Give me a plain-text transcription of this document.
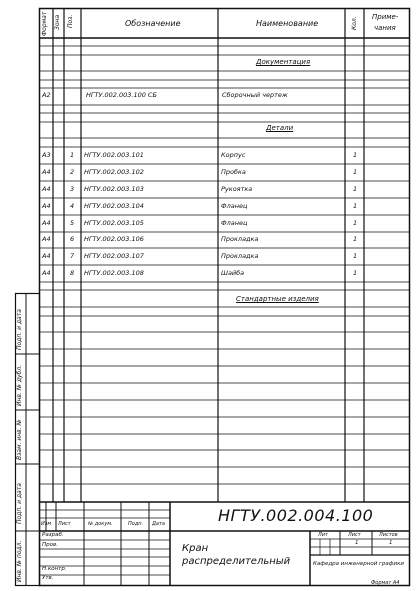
Формат Зона Поз.	Обозначение	Наименование	Кол. Приме-
чания
Документация
Детали
Стандартные изделия
А2	НГТУ.002.003.100 СБ	Сборочный чертеж
А3	1 НГТУ.002.003.101	Корпус	1
А4	2 НГТУ.002.003.102	Пробка	1
А4	3 НГТУ.002.003.103	Рукоятка	1
А4	4 НГТУ.002.003.104	Фланец	1
А4	5 НГТУ.002.003.105	Фланец	1
А4	6 НГТУ.002.003.106	Прокладка	1
А4	7 НГТУ.002.003.107	Прокладка	1
А4	8 НГТУ.002.003.108	Шайба	1
Подп. и дата
Инв. № дубл.
Взам. инв. №
Подп. и дата
Инв. № подл.
НГТУ.002.004.100
Изм Лист	№ докум.	Подп. Дата
Разраб.
Пров.
Н.контр.
Утв.
Кран
распределительный
Лит	Лист	Листов
1	1
Кафедра инженерной графики
Формат А4
